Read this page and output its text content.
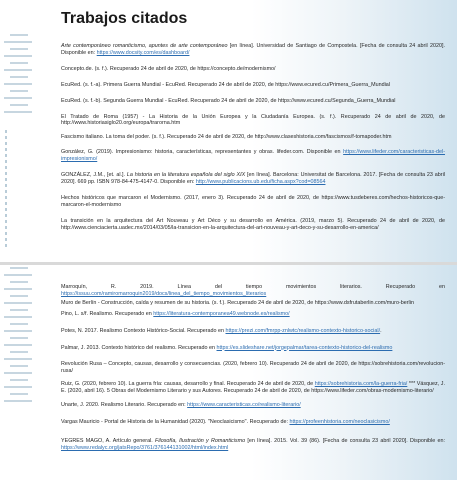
Trabajos citados

Arte contemporáneo romanticismo, apuntes de arte contemporáneo [en línea]. Universidad de Santiago de Compostela. [Fecha de consulta 24 abril 2020]. Disponible en: https://www.docsity.com/es/dashboard/

Concepto.de. (s. f.). Recuperado 24 de abril de 2020, de https://concepto.de/modernismo/

EcuRed. (s. f.-a). Primera Guerra Mundial - EcuRed. Recuperado 24 de abril de 2020, de https://www.ecured.cu/Primera_Guerra_Mundial

EcuRed. (s. f.-b). Segunda Guerra Mundial - EcuRed. Recuperado 24 de abril de 2020, de https://www.ecured.cu/Segunda_Guerra_Mundial

El Tratado de Roma (1957) - La Historia de la Unión Europea y la Ciudadanía Europea. (s. f.). Recuperado 24 de abril de 2020, de http://www.historiasiglo20.org/europa/trarorna.htm

Fascismo italiano. La toma del poder. (s. f.). Recuperado 24 de abril de 2020, de http://www.claseshistoria.com/fascismos/f-tomapoder.htm

González, G. (2019). Impresionismo: historia, características, representantes y obras. lifeder.com. Disponible en https://www.lifeder.com/caracteristicas-del-impresionismo/

GONZÁLEZ, J.M., [et. al.]. La historia en la literatura española del siglo XIX [en línea]. Barcelona: Universitat de Barcelona. 2017. [Fecha de consulta 23 abril 2020]. 669 pp. ISBN 978-84-475-4147-0. Disponible en: http://www.publicacions.ub.edu/ficha.aspx?cod=08564

Hechos históricos que marcaron el Modernismo. (2017, enero 3). Recuperado 24 de abril de 2020, de https://www.tusdeberes.com/hechos-historicos-que-marcaron-el-modernismo

La transición en la arquitectura del Art Nouveau y Art Déco y su desarrollo en América. (2019, marzo 5). Recuperado 24 de abril de 2020, de http://www.cienciacierta.uadec.mx/2014/03/05/la-transicion-en-la-arquitectura-del-art-nouveau-y-art-deco-y-su-desarrollo-en-america/

Marroquín, R. 2019. Línea del tiempo movimientos literarios. Recuperado en https://issuu.com/ramiromarroquin2019/docs/linea_del_tiempo_movimientos_literarios

Muro de Berlín - Construcción, caída y resumen de su historia. (s. f.). Recuperado 24 de abril de 2020, de https://www.dsfrutaberlin.com/muro-berlin

Pino, L. s/f. Realismo. Recuperado en https://literatura-contemporanea49.webnode.es/realismo/

Potes, N. 2017. Realismo Contexto Histórico-Social. Recuperado en https://prezi.com/fmrpp-znlwtc/realismo-contexto-historico-social/.

Palmar, J. 2013. Contexto histórico del realismo. Recuperado en https://es.slideshare.net/jorgepalmar/tarea-contexto-historico-del-realismo

Revolución Rusa – Concepto, causas, desarrollo y consecuencias. (2020, febrero 10). Recuperado 24 de abril de 2020, de https://sobrehistoria.com/revolucion-rusa/

Ruiz, G. (2020, febrero 10). La guerra fría: causas, desarrollo y final. Recuperado 24 de abril de 2020, de https://sobrehistoria.com/la-guerra-fria/ *** Vásquez, J. E. (2020, abril 16). 5 Obras del Modernismo Literario y sus Autores. Recuperado 24 de abril de 2020, de https://www.lifeder.com/obras-modernismo-literario/

Unarte, J. 2020. Realismo Literario. Recuperado en: https://www.caracteristicas.co/realismo-literario/

Vargas Mauricio - Portal de Historia de la Humanidad (2020). "Neoclasicismo". Recuperado de: https://profeenhistoria.com/neoclasicismo/

YEGRES MAGO, A. Artículo general. Filosofía, Ilustración y Romanticismo [en línea]. 2015. Vol. 39 (86). [Fecha de consulta 23 abril 2020]. Disponible en: https://www.redalyc.org/jatsRepo/3761/376144131002/html/index.html
